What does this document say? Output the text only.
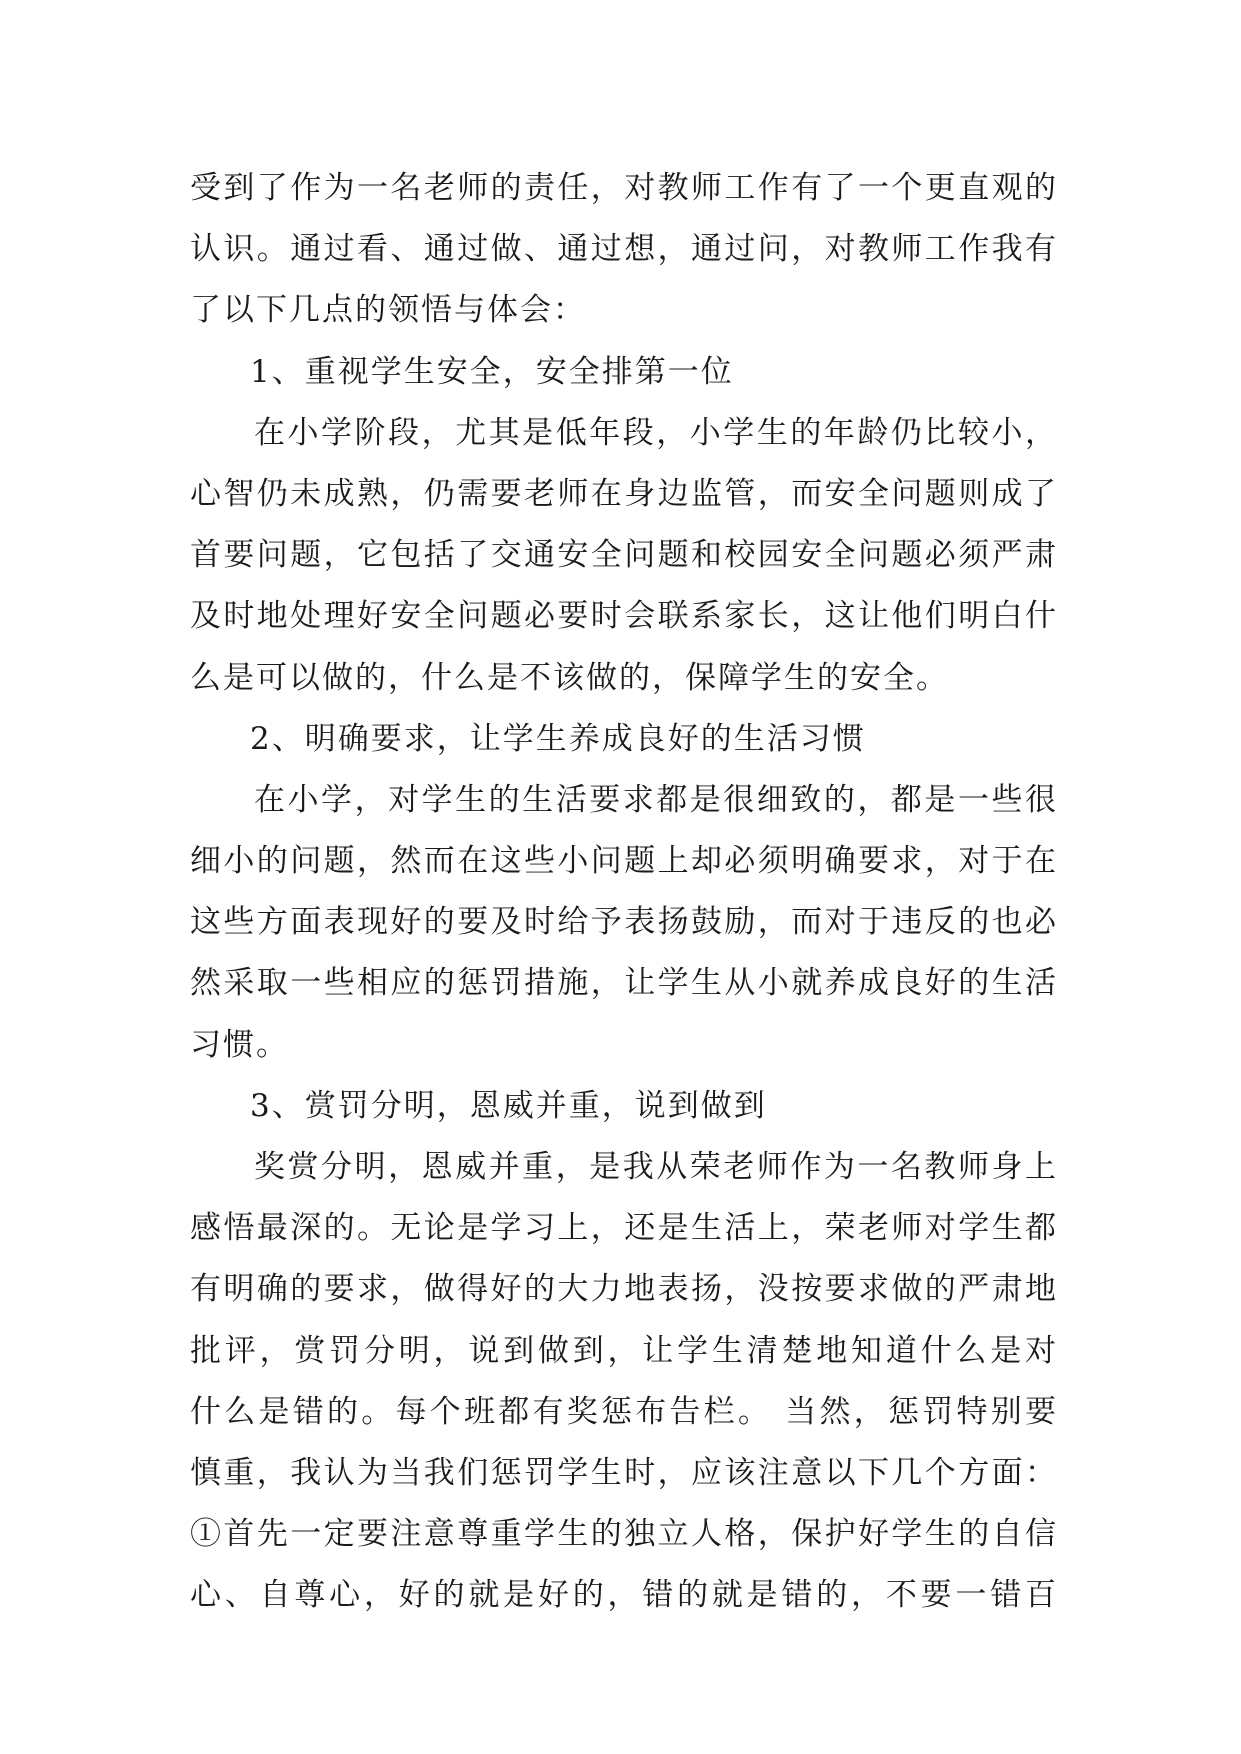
受到了作为一名老师的责任，对教师工作有了一个更直观的
认识。通过看、通过做、通过想，通过问，对教师工作我有
了以下几点的领悟与体会：
1、重视学生安全，安全排第一位
在小学阶段，尤其是低年段，小学生的年龄仍比较小，
心智仍未成熟，仍需要老师在身边监管，而安全问题则成了
首要问题，它包括了交通安全问题和校园安全问题必须严肃
及时地处理好安全问题必要时会联系家长，这让他们明白什
么是可以做的，什么是不该做的，保障学生的安全。
2、明确要求，让学生养成良好的生活习惯
在小学，对学生的生活要求都是很细致的，都是一些很
细小的问题，然而在这些小问题上却必须明确要求，对于在
这些方面表现好的要及时给予表扬鼓励，而对于违反的也必
然采取一些相应的惩罚措施，让学生从小就养成良好的生活
习惯。
3、赏罚分明，恩威并重，说到做到
奖赏分明，恩威并重，是我从荣老师作为一名教师身上
感悟最深的。无论是学习上，还是生活上，荣老师对学生都
有明确的要求，做得好的大力地表扬，没按要求做的严肃地
批评，赏罚分明，说到做到，让学生清楚地知道什么是对
什么是错的。每个班都有奖惩布告栏。 当然，惩罚特别要
慎重，我认为当我们惩罚学生时，应该注意以下几个方面：
①首先一定要注意尊重学生的独立人格，保护好学生的自信
心、自尊心，好的就是好的，错的就是错的，不要一错百
